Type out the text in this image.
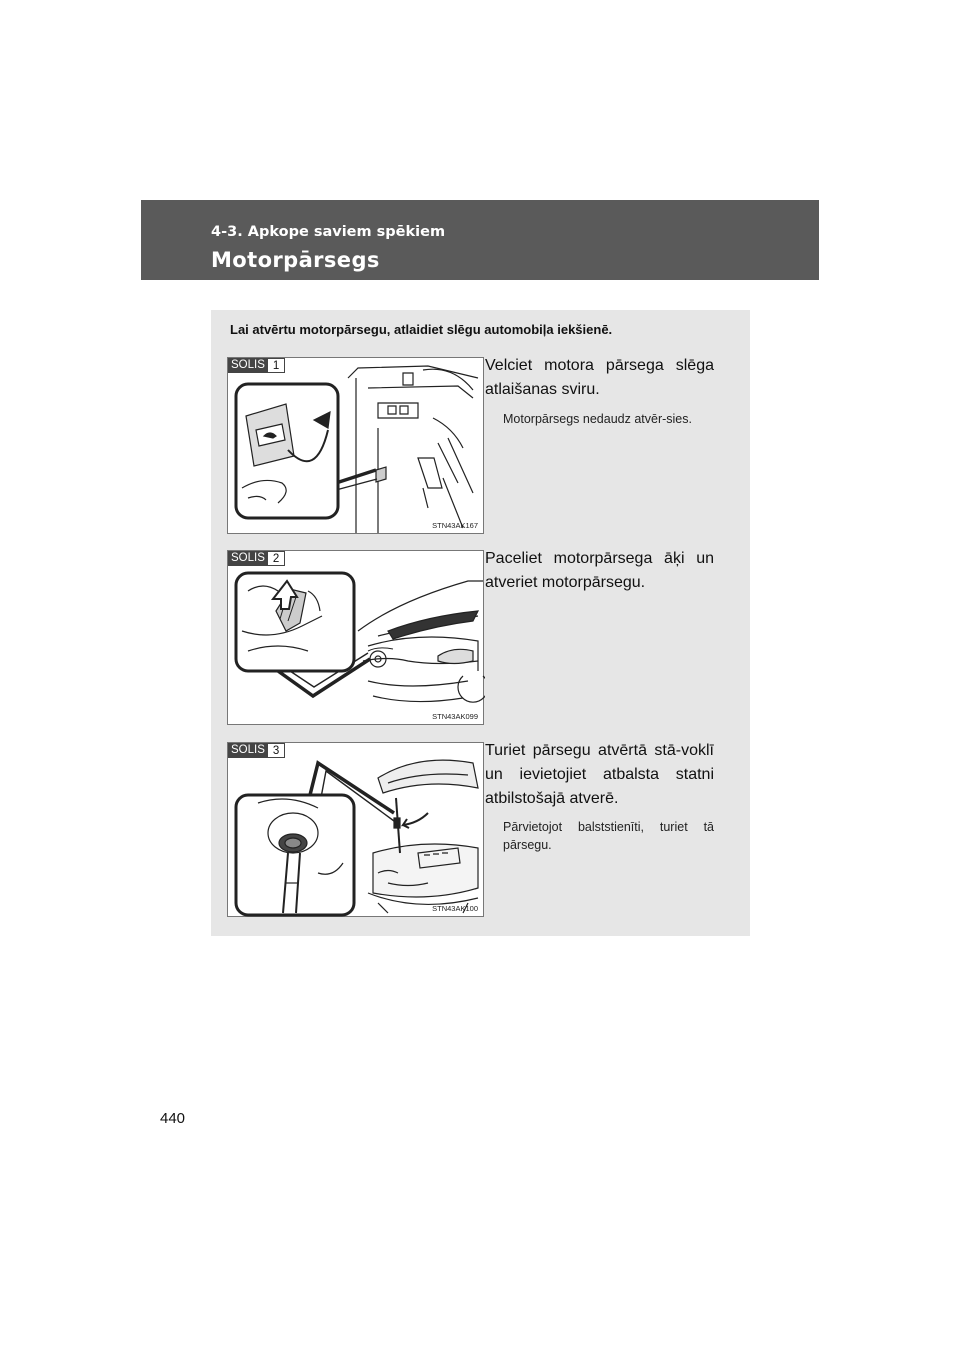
4-3. Apkope saviem spēkiem
Motorpārsegs
Lai atvērtu motorpārsegu, atlaidiet slēgu automobiļa iekšienē.
SOLIS 1
STN43AK167
Velciet motora pārsega slēga atlaišanas sviru.
Motorpārsegs nedaudz atvēr-sies.
SOLIS 2
STN43AK099
Paceliet motorpārsega āķi un atveriet motorpārsegu.
SOLIS 3
STN43AK100
Turiet pārsegu atvērtā stā-voklī un ievietojiet atbalsta statni atbilstošajā atverē.
Pārvietojot balststienīti, turiet tā pārsegu.
440
